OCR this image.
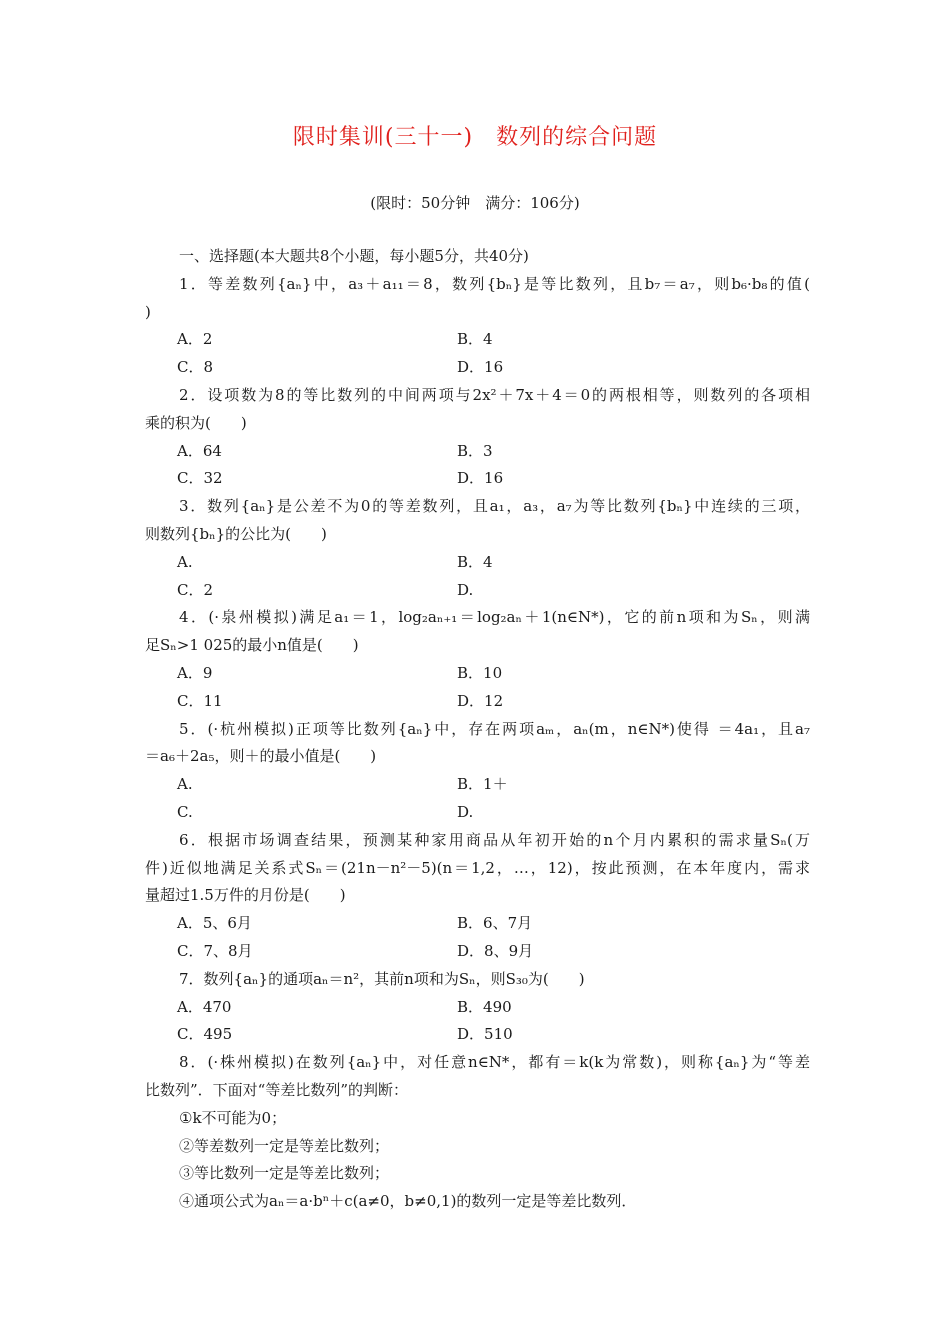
限时集训(三十一)　数列的综合问题
(限时：50分钟　满分：106分)
一、选择题(本大题共8个小题，每小题5分，共40分)
1．等差数列{aₙ}中，a₃＋a₁₁＝8，数列{bₙ}是等比数列，且b₇＝a₇，则b₆·b₈的值(
)
A．2	B．4
C．8	D．16
2．设项数为8的等比数列的中间两项与2x²＋7x＋4＝0的两根相等，则数列的各项相
乘的积为(　　)
A．64	B．3
C．32	D．16
3．数列{aₙ}是公差不为0的等差数列，且a₁，a₃，a₇为等比数列{bₙ}中连续的三项，
则数列{bₙ}的公比为(　　)
A.	B．4
C．2	D.
4．(·泉州模拟)满足a₁＝1，log₂aₙ₊₁＝log₂aₙ＋1(n∈N*)，它的前n项和为Sₙ，则满
足Sₙ>1 025的最小n值是(　　)
A．9	B．10
C．11	D．12
5．(·杭州模拟)正项等比数列{aₙ}中，存在两项aₘ，aₙ(m，n∈N*)使得 ＝4a₁，且a₇
＝a₆＋2a₅，则＋的最小值是(　　)
A.	B．1＋
C.	D.
6．根据市场调查结果，预测某种家用商品从年初开始的n个月内累积的需求量Sₙ(万
件)近似地满足关系式Sₙ＝(21n－n²－5)(n＝1,2，…，12)，按此预测，在本年度内，需求
量超过1.5万件的月份是(　　)
A．5、6月	B．6、7月
C．7、8月	D．8、9月
7．数列{aₙ}的通项aₙ＝n²，其前n项和为Sₙ，则S₃₀为(　　)
A．470	B．490
C．495	D．510
8．(·株州模拟)在数列{aₙ}中，对任意n∈N*，都有＝k(k为常数)，则称{aₙ}为“等差
比数列”．下面对“等差比数列”的判断：
①k不可能为0；
②等差数列一定是等差比数列；
③等比数列一定是等差比数列；
④通项公式为aₙ＝a·bⁿ＋c(a≠0，b≠0,1)的数列一定是等差比数列．
